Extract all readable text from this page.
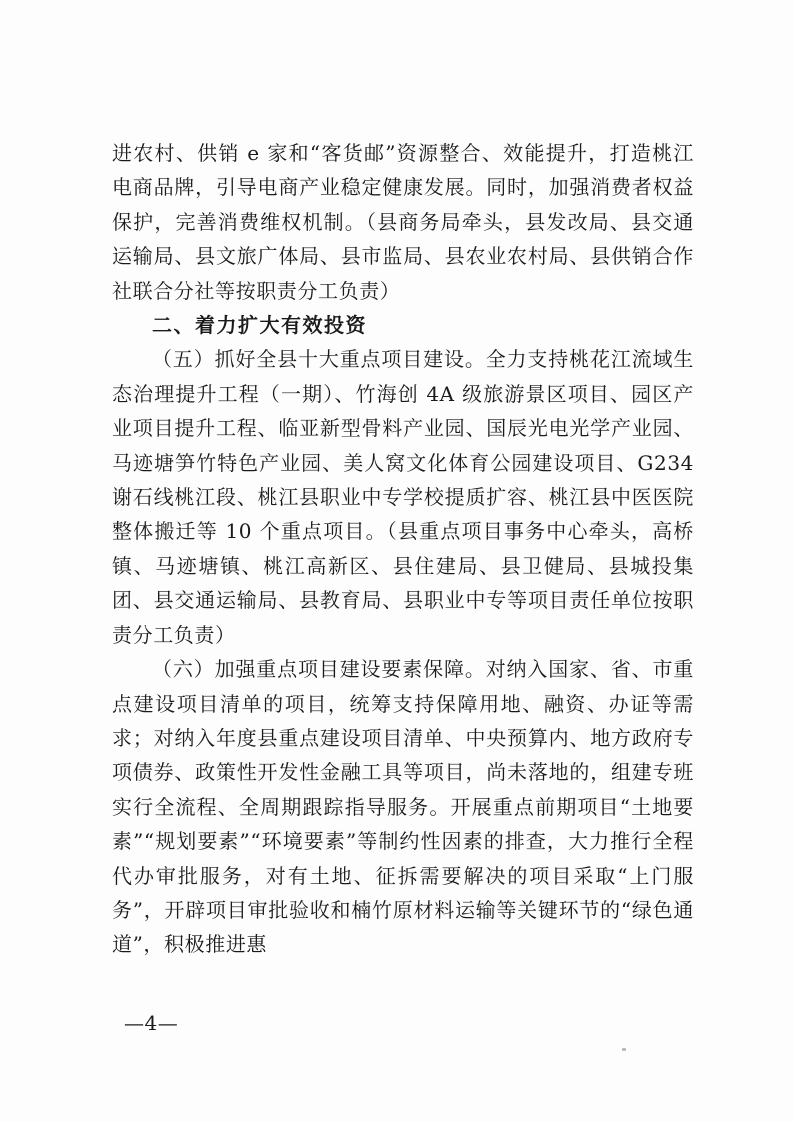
进农村、供销 e 家和“客货邮”资源整合、效能提升，打造桃江电商品牌，引导电商产业稳定健康发展。同时，加强消费者权益保护，完善消费维权机制。（县商务局牵头，县发改局、县交通运输局、县文旅广体局、县市监局、县农业农村局、县供销合作社联合分社等按职责分工负责）

二、着力扩大有效投资

（五）抓好全县十大重点项目建设。全力支持桃花江流域生态治理提升工程（一期）、竹海创 4A 级旅游景区项目、园区产业项目提升工程、临亚新型骨料产业园、国辰光电光学产业园、马迹塘笋竹特色产业园、美人窝文化体育公园建设项目、G234 谢石线桃江段、桃江县职业中专学校提质扩容、桃江县中医医院整体搬迁等 10 个重点项目。（县重点项目事务中心牵头，高桥镇、马迹塘镇、桃江高新区、县住建局、县卫健局、县城投集团、县交通运输局、县教育局、县职业中专等项目责任单位按职责分工负责）

（六）加强重点项目建设要素保障。对纳入国家、省、市重点建设项目清单的项目，统筹支持保障用地、融资、办证等需求；对纳入年度县重点建设项目清单、中央预算内、地方政府专项债券、政策性开发性金融工具等项目，尚未落地的，组建专班实行全流程、全周期跟踪指导服务。开展重点前期项目“土地要素”“规划要素”“环境要素”等制约性因素的排查，大力推行全程代办审批服务，对有土地、征拆需要解决的项目采取“上门服务”，开辟项目审批验收和楠竹原材料运输等关键环节的“绿色通道”，积极推进惠

—4—
